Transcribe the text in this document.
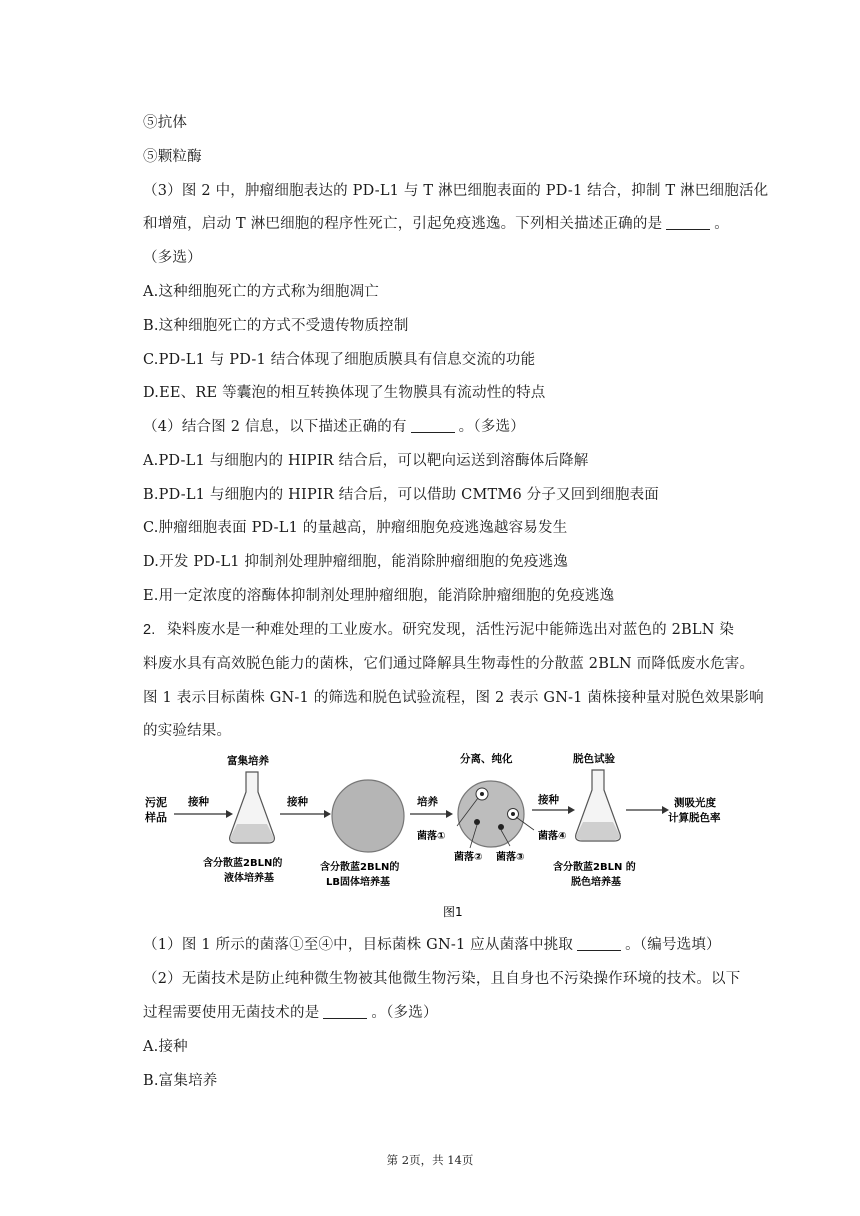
⑤抗体
⑤颗粒酶
（3）图 2 中，肿瘤细胞表达的 PD-L1 与 T 淋巴细胞表面的 PD-1 结合，抑制 T 淋巴细胞活化
和增殖，启动 T 淋巴细胞的程序性死亡，引起免疫逃逸。下列相关描述正确的是	。
（多选）
A.这种细胞死亡的方式称为细胞凋亡
B.这种细胞死亡的方式不受遗传物质控制
C.PD-L1 与 PD-1 结合体现了细胞质膜具有信息交流的功能
D.EE、RE 等囊泡的相互转换体现了生物膜具有流动性的特点
（4）结合图 2 信息，以下描述正确的有	。（多选）
A.PD-L1 与细胞内的 HIPIR 结合后，可以靶向运送到溶酶体后降解
B.PD-L1 与细胞内的 HIPIR 结合后，可以借助 CMTM6 分子又回到细胞表面
C.肿瘤细胞表面 PD-L1 的量越高，肿瘤细胞免疫逃逸越容易发生
D.开发 PD-L1 抑制剂处理肿瘤细胞，能消除肿瘤细胞的免疫逃逸
E.用一定浓度的溶酶体抑制剂处理肿瘤细胞，能消除肿瘤细胞的免疫逃逸
2. 染料废水是一种难处理的工业废水。研究发现，活性污泥中能筛选出对蓝色的 2BLN 染
料废水具有高效脱色能力的菌株，它们通过降解具生物毒性的分散蓝 2BLN 而降低废水危害。
图 1 表示目标菌株 GN-1 的筛选和脱色试验流程，图 2 表示 GN-1 菌株接种量对脱色效果影响
的实验结果。
污泥
样品
接种
富集培养
含分散蓝2BLN的
液体培养基
接种
含分散蓝2BLN的
LB固体培养基
培养
分离、纯化
菌落①
菌落② 菌落③
菌落④
接种
脱色试验
含分散蓝2BLN 的
脱色培养基
测吸光度
计算脱色率
图1
（1）图 1 所示的菌落①至④中，目标菌株 GN-1 应从菌落中挑取	。（编号选填）
（2）无菌技术是防止纯种微生物被其他微生物污染，且自身也不污染操作环境的技术。以下
过程需要使用无菌技术的是	。（多选）
A.接种
B.富集培养
第 2页，共 14页
